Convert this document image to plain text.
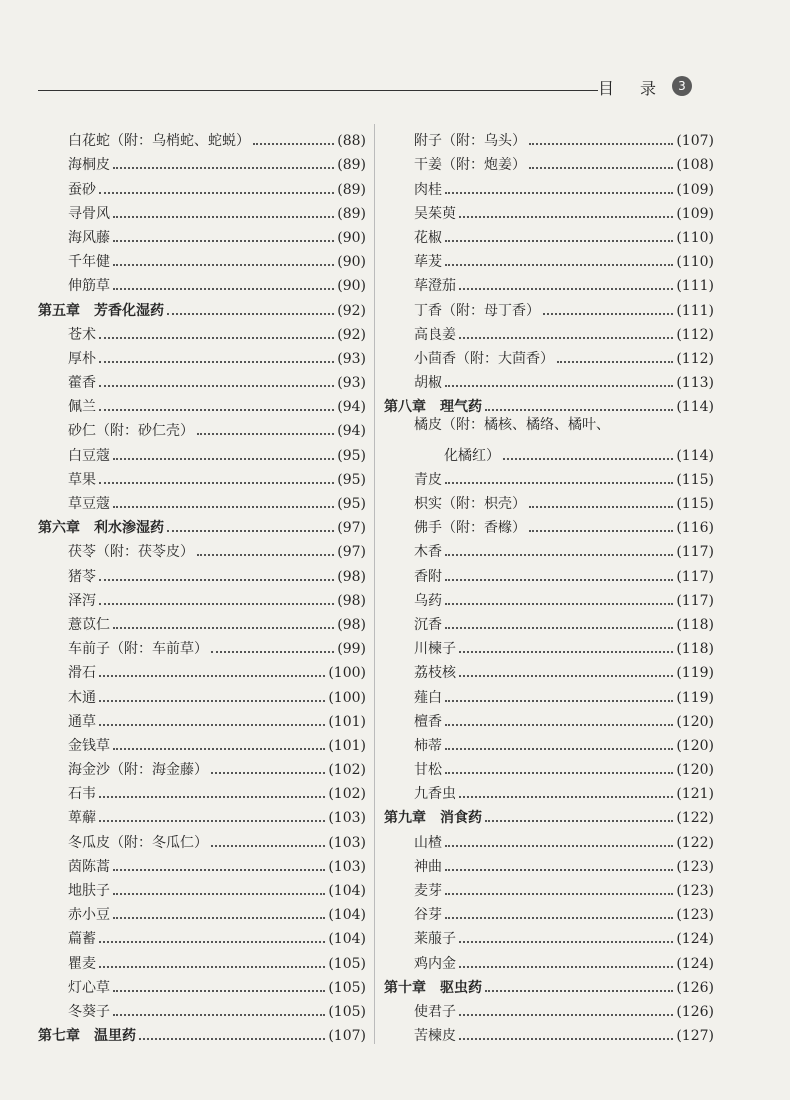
目 录	3
白花蛇（附：乌梢蛇、蛇蜕）	(88)
海桐皮	(89)
蚕砂	(89)
寻骨风	(89)
海风藤	(90)
千年健	(90)
伸筋草	(90)
第五章　芳香化湿药	(92)
苍术	(92)
厚朴	(93)
藿香	(93)
佩兰	(94)
砂仁（附：砂仁壳）	(94)
白豆蔻	(95)
草果	(95)
草豆蔻	(95)
第六章　利水渗湿药	(97)
茯苓（附：茯苓皮）	(97)
猪苓	(98)
泽泻	(98)
薏苡仁	(98)
车前子（附：车前草）	(99)
滑石	(100)
木通	(100)
通草	(101)
金钱草	(101)
海金沙（附：海金藤）	(102)
石韦	(102)
萆薢	(103)
冬瓜皮（附：冬瓜仁）	(103)
茵陈蒿	(103)
地肤子	(104)
赤小豆	(104)
萹蓄	(104)
瞿麦	(105)
灯心草	(105)
冬葵子	(105)
第七章　温里药	(107)
附子（附：乌头）	(107)
干姜（附：炮姜）	(108)
肉桂	(109)
吴茱萸	(109)
花椒	(110)
荜茇	(110)
荜澄茄	(111)
丁香（附：母丁香）	(111)
高良姜	(112)
小茴香（附：大茴香）	(112)
胡椒	(113)
第八章　理气药	(114)
橘皮（附：橘核、橘络、橘叶、
化橘红）	(114)
青皮	(115)
枳实（附：枳壳）	(115)
佛手（附：香橼）	(116)
木香	(117)
香附	(117)
乌药	(117)
沉香	(118)
川楝子	(118)
荔枝核	(119)
薤白	(119)
檀香	(120)
柿蒂	(120)
甘松	(120)
九香虫	(121)
第九章　消食药	(122)
山楂	(122)
神曲	(123)
麦芽	(123)
谷芽	(123)
莱菔子	(124)
鸡内金	(124)
第十章　驱虫药	(126)
使君子	(126)
苦楝皮	(127)
